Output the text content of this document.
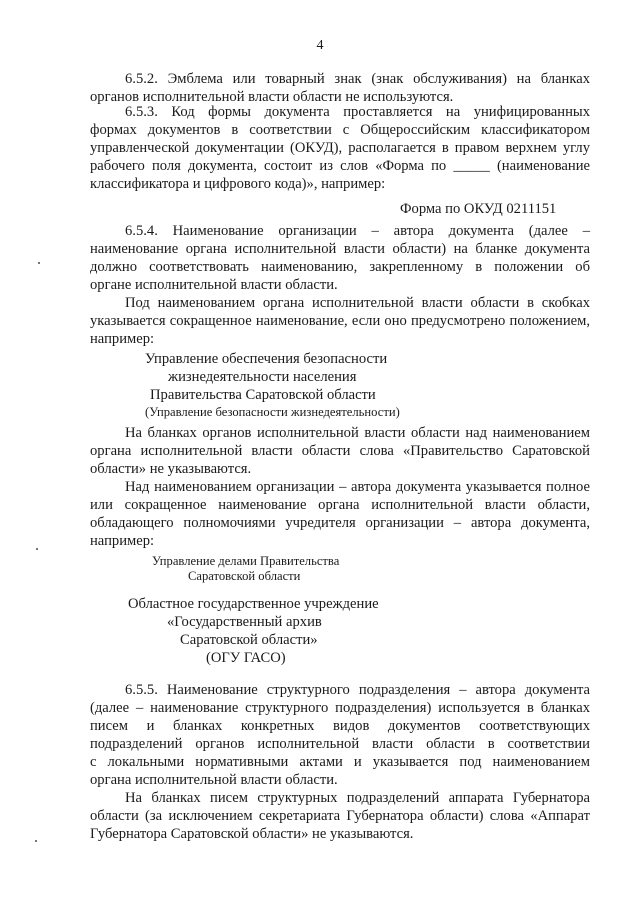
4
6.5.2. Эмблема или товарный знак (знак обслуживания) на бланках
органов исполнительной власти области не используются.
6.5.3. Код формы документа проставляется на унифицированных
формах документов в соответствии с Общероссийским классификатором
управленческой документации (ОКУД), располагается в правом верхнем углу
рабочего поля документа, состоит из слов «Форма по _____ (наименование
классификатора и цифрового кода)», например:
Форма по ОКУД 0211151
6.5.4. Наименование организации – автора документа (далее –
наименование органа исполнительной власти области) на бланке документа
должно соответствовать наименованию, закрепленному в положении об
органе исполнительной власти области.
Под наименованием органа исполнительной власти области в скобках
указывается сокращенное наименование, если оно предусмотрено положением,
например:
Управление обеспечения безопасности
жизнедеятельности населения
Правительства Саратовской области
(Управление безопасности жизнедеятельности)
На бланках органов исполнительной власти области над наименованием
органа исполнительной власти области слова «Правительство Саратовской
области» не указываются.
Над наименованием организации – автора документа указывается полное
или сокращенное наименование органа исполнительной власти области,
обладающего полномочиями учредителя организации – автора документа,
например:
Управление делами Правительства
Саратовской области
Областное государственное учреждение
«Государственный архив
Саратовской области»
(ОГУ ГАСО)
6.5.5. Наименование структурного подразделения – автора документа
(далее – наименование структурного подразделения) используется в бланках
писем и бланках конкретных видов документов соответствующих
подразделений органов исполнительной власти области в соответствии
с локальными нормативными актами и указывается под наименованием
органа исполнительной власти области.
На бланках писем структурных подразделений аппарата Губернатора
области (за исключением секретариата Губернатора области) слова «Аппарат
Губернатора Саратовской области» не указываются.
